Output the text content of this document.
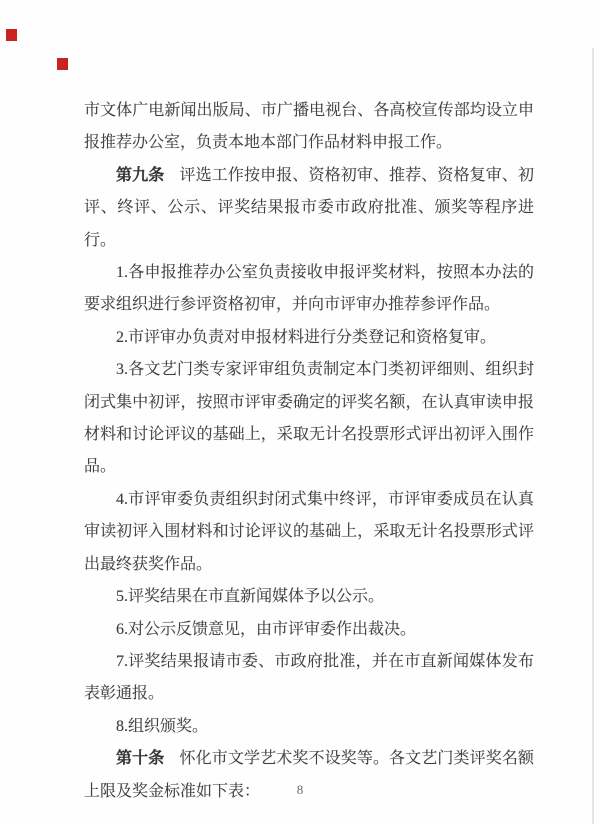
市文体广电新闻出版局、市广播电视台、各高校宣传部均设立申报推荐办公室，负责本地本部门作品材料申报工作。

第九条 评选工作按申报、资格初审、推荐、资格复审、初评、终评、公示、评奖结果报市委市政府批准、颁奖等程序进行。

1.各申报推荐办公室负责接收申报评奖材料，按照本办法的要求组织进行参评资格初审，并向市评审办推荐参评作品。

2.市评审办负责对申报材料进行分类登记和资格复审。

3.各文艺门类专家评审组负责制定本门类初评细则、组织封闭式集中初评，按照市评审委确定的评奖名额，在认真审读申报材料和讨论评议的基础上，采取无计名投票形式评出初评入围作品。

4.市评审委负责组织封闭式集中终评，市评审委成员在认真审读初评入围材料和讨论评议的基础上，采取无计名投票形式评出最终获奖作品。

5.评奖结果在市直新闻媒体予以公示。

6.对公示反馈意见，由市评审委作出裁决。

7.评奖结果报请市委、市政府批准，并在市直新闻媒体发布表彰通报。

8.组织颁奖。

第十条 怀化市文学艺术奖不设奖等。各文艺门类评奖名额上限及奖金标准如下表：	8
